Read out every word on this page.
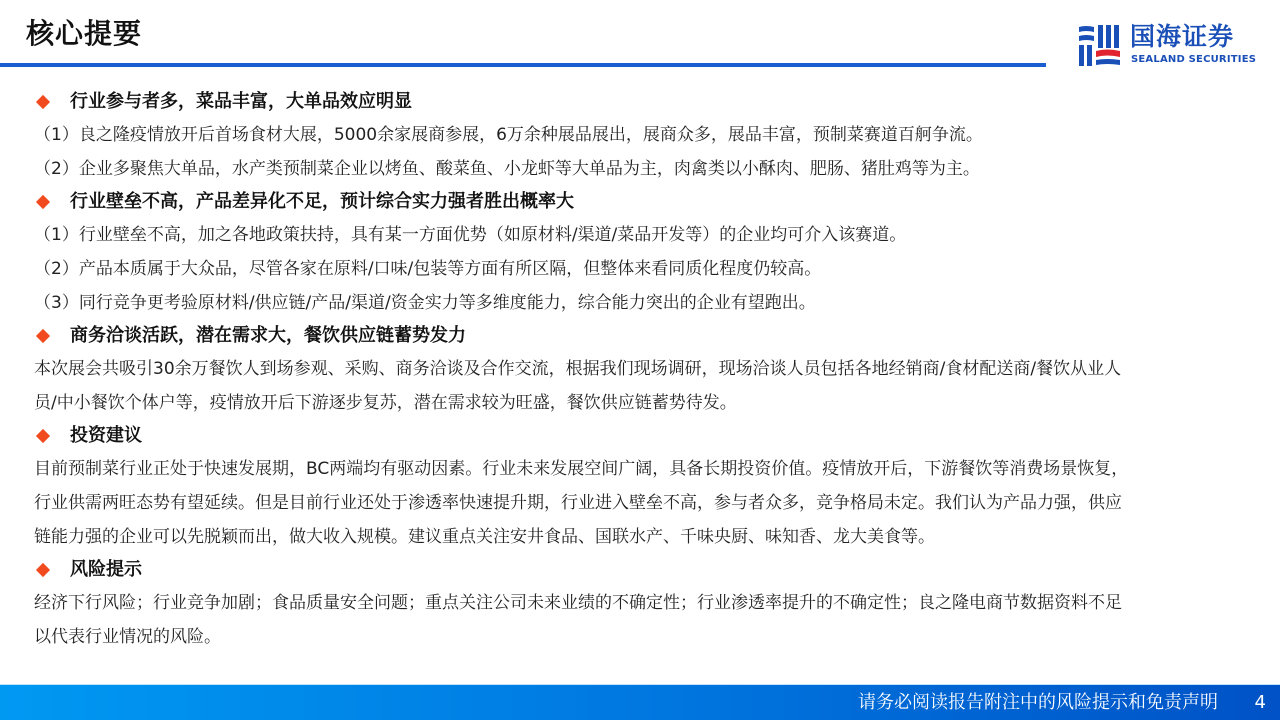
核心提要	国海证券
SEALAND SECURITIES
行业参与者多，菜品丰富，大单品效应明显
（1）良之隆疫情放开后首场食材大展，5000余家展商参展，6万余种展品展出，展商众多，展品丰富，预制菜赛道百舸争流。
（2）企业多聚焦大单品，水产类预制菜企业以烤鱼、酸菜鱼、小龙虾等大单品为主，肉禽类以小酥肉、肥肠、猪肚鸡等为主。
行业壁垒不高，产品差异化不足，预计综合实力强者胜出概率大
（1）行业壁垒不高，加之各地政策扶持，具有某一方面优势（如原材料/渠道/菜品开发等）的企业均可介入该赛道。
（2）产品本质属于大众品，尽管各家在原料/口味/包装等方面有所区隔，但整体来看同质化程度仍较高。
（3）同行竞争更考验原材料/供应链/产品/渠道/资金实力等多维度能力，综合能力突出的企业有望跑出。
商务洽谈活跃，潜在需求大，餐饮供应链蓄势发力
本次展会共吸引30余万餐饮人到场参观、采购、商务洽谈及合作交流，根据我们现场调研，现场洽谈人员包括各地经销商/食材配送商/餐饮从业人
员/中小餐饮个体户等，疫情放开后下游逐步复苏，潜在需求较为旺盛，餐饮供应链蓄势待发。
投资建议
目前预制菜行业正处于快速发展期，BC两端均有驱动因素。行业未来发展空间广阔，具备长期投资价值。疫情放开后，下游餐饮等消费场景恢复，
行业供需两旺态势有望延续。但是目前行业还处于渗透率快速提升期，行业进入壁垒不高，参与者众多，竞争格局未定。我们认为产品力强，供应
链能力强的企业可以先脱颖而出，做大收入规模。建议重点关注安井食品、国联水产、千味央厨、味知香、龙大美食等。
风险提示
经济下行风险；行业竞争加剧；食品质量安全问题；重点关注公司未来业绩的不确定性；行业渗透率提升的不确定性；良之隆电商节数据资料不足
以代表行业情况的风险。
请务必阅读报告附注中的风险提示和免责声明 4
